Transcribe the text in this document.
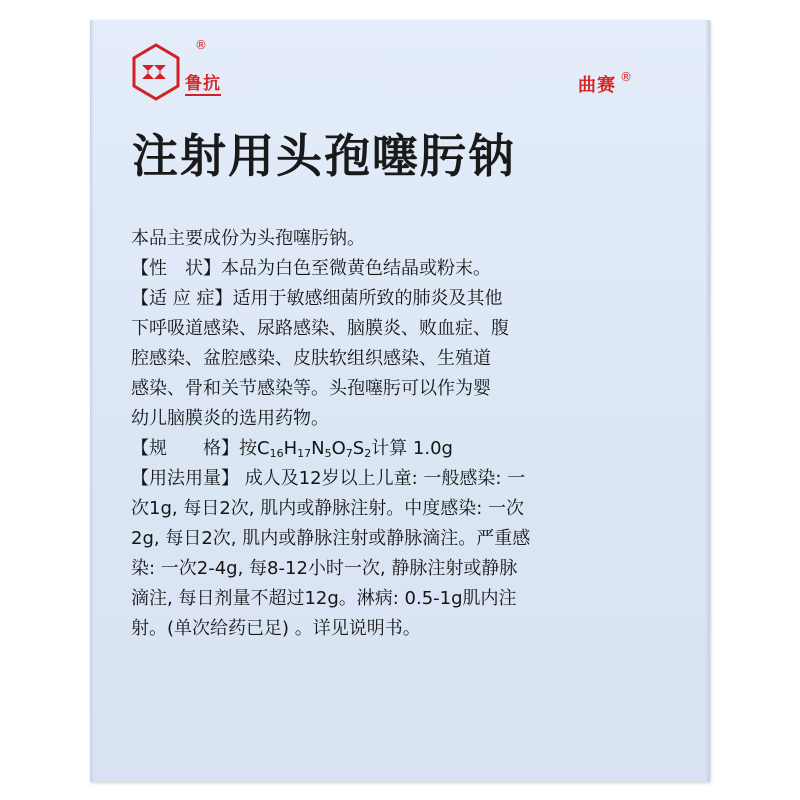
®
鲁抗	曲赛 ®
注射用头孢噻肟钠
本品主要成份为头孢噻肟钠。
【性　状】本品为白色至微黄色结晶或粉末。
【适 应 症】适用于敏感细菌所致的肺炎及其他
下呼吸道感染、尿路感染、脑膜炎、败血症、腹
腔感染、盆腔感染、皮肤软组织感染、生殖道
感染、骨和关节感染等。头孢噻肟可以作为婴
幼儿脑膜炎的选用药物。
【规　　格】按$C_{16}H_{17}N_5O_7S_2$计算 1.0g
【用法用量】 成人及12岁以上儿童: 一般感染: 一
次1g, 每日2次, 肌内或静脉注射。中度感染: 一次
2g, 每日2次, 肌内或静脉注射或静脉滴注。严重感
染: 一次2-4g, 每8-12小时一次, 静脉注射或静脉
滴注, 每日剂量不超过12g。淋病: 0.5-1g肌内注
射。(单次给药已足) 。详见说明书。
